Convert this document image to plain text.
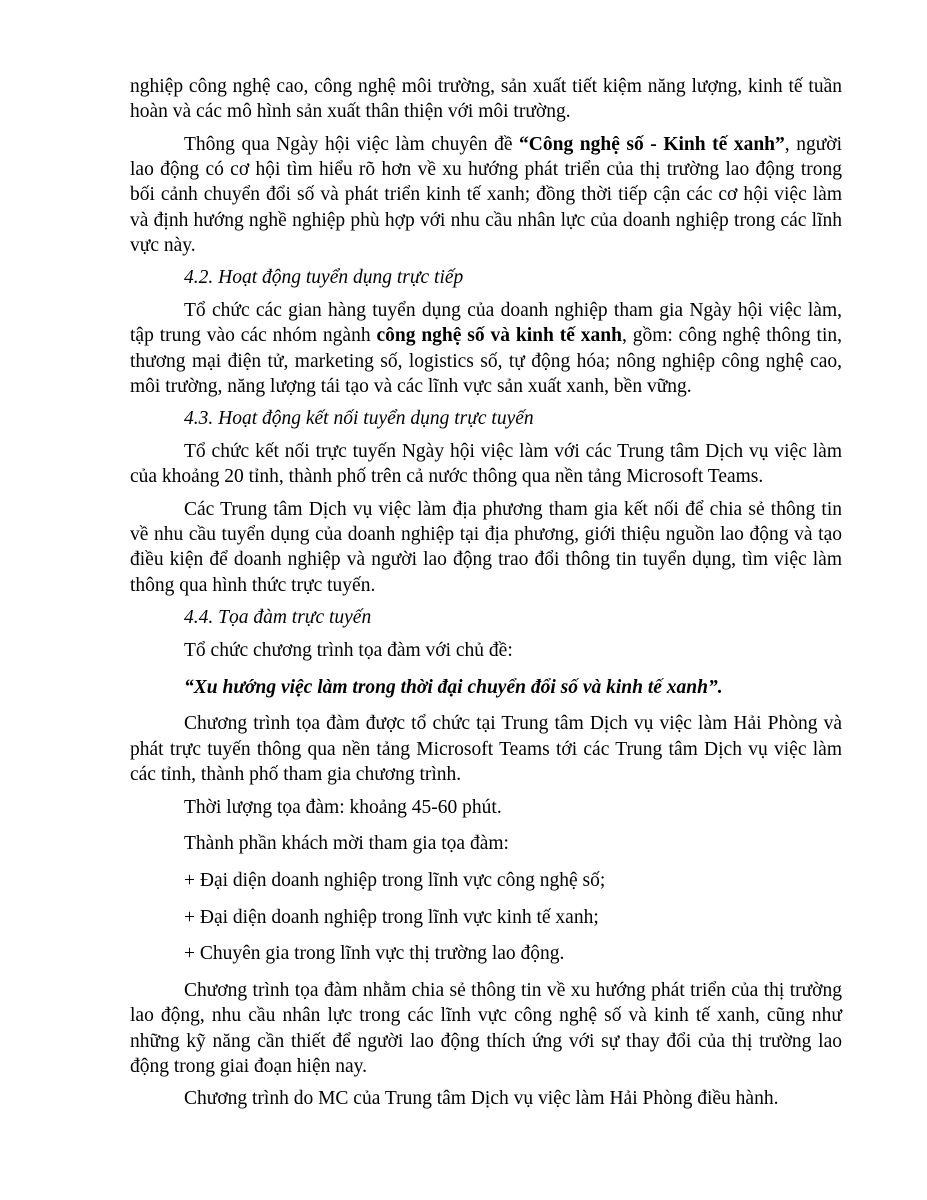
nghiệp công nghệ cao, công nghệ môi trường, sản xuất tiết kiệm năng lượng, kinh tế tuần hoàn và các mô hình sản xuất thân thiện với môi trường.

Thông qua Ngày hội việc làm chuyên đề “Công nghệ số - Kinh tế xanh”, người lao động có cơ hội tìm hiểu rõ hơn về xu hướng phát triển của thị trường lao động trong bối cảnh chuyển đổi số và phát triển kinh tế xanh; đồng thời tiếp cận các cơ hội việc làm và định hướng nghề nghiệp phù hợp với nhu cầu nhân lực của doanh nghiệp trong các lĩnh vực này.

4.2. Hoạt động tuyển dụng trực tiếp

Tổ chức các gian hàng tuyển dụng của doanh nghiệp tham gia Ngày hội việc làm, tập trung vào các nhóm ngành công nghệ số và kinh tế xanh, gồm: công nghệ thông tin, thương mại điện tử, marketing số, logistics số, tự động hóa; nông nghiệp công nghệ cao, môi trường, năng lượng tái tạo và các lĩnh vực sản xuất xanh, bền vững.

4.3. Hoạt động kết nối tuyển dụng trực tuyến

Tổ chức kết nối trực tuyến Ngày hội việc làm với các Trung tâm Dịch vụ việc làm của khoảng 20 tỉnh, thành phố trên cả nước thông qua nền tảng Microsoft Teams.

Các Trung tâm Dịch vụ việc làm địa phương tham gia kết nối để chia sẻ thông tin về nhu cầu tuyển dụng của doanh nghiệp tại địa phương, giới thiệu nguồn lao động và tạo điều kiện để doanh nghiệp và người lao động trao đổi thông tin tuyển dụng, tìm việc làm thông qua hình thức trực tuyến.

4.4. Tọa đàm trực tuyến

Tổ chức chương trình tọa đàm với chủ đề:

“Xu hướng việc làm trong thời đại chuyển đổi số và kinh tế xanh”.

Chương trình tọa đàm được tổ chức tại Trung tâm Dịch vụ việc làm Hải Phòng và phát trực tuyến thông qua nền tảng Microsoft Teams tới các Trung tâm Dịch vụ việc làm các tỉnh, thành phố tham gia chương trình.

Thời lượng tọa đàm: khoảng 45-60 phút.

Thành phần khách mời tham gia tọa đàm:

+ Đại diện doanh nghiệp trong lĩnh vực công nghệ số;

+ Đại diện doanh nghiệp trong lĩnh vực kinh tế xanh;

+ Chuyên gia trong lĩnh vực thị trường lao động.

Chương trình tọa đàm nhằm chia sẻ thông tin về xu hướng phát triển của thị trường lao động, nhu cầu nhân lực trong các lĩnh vực công nghệ số và kinh tế xanh, cũng như những kỹ năng cần thiết để người lao động thích ứng với sự thay đổi của thị trường lao động trong giai đoạn hiện nay.

Chương trình do MC của Trung tâm Dịch vụ việc làm Hải Phòng điều hành.
